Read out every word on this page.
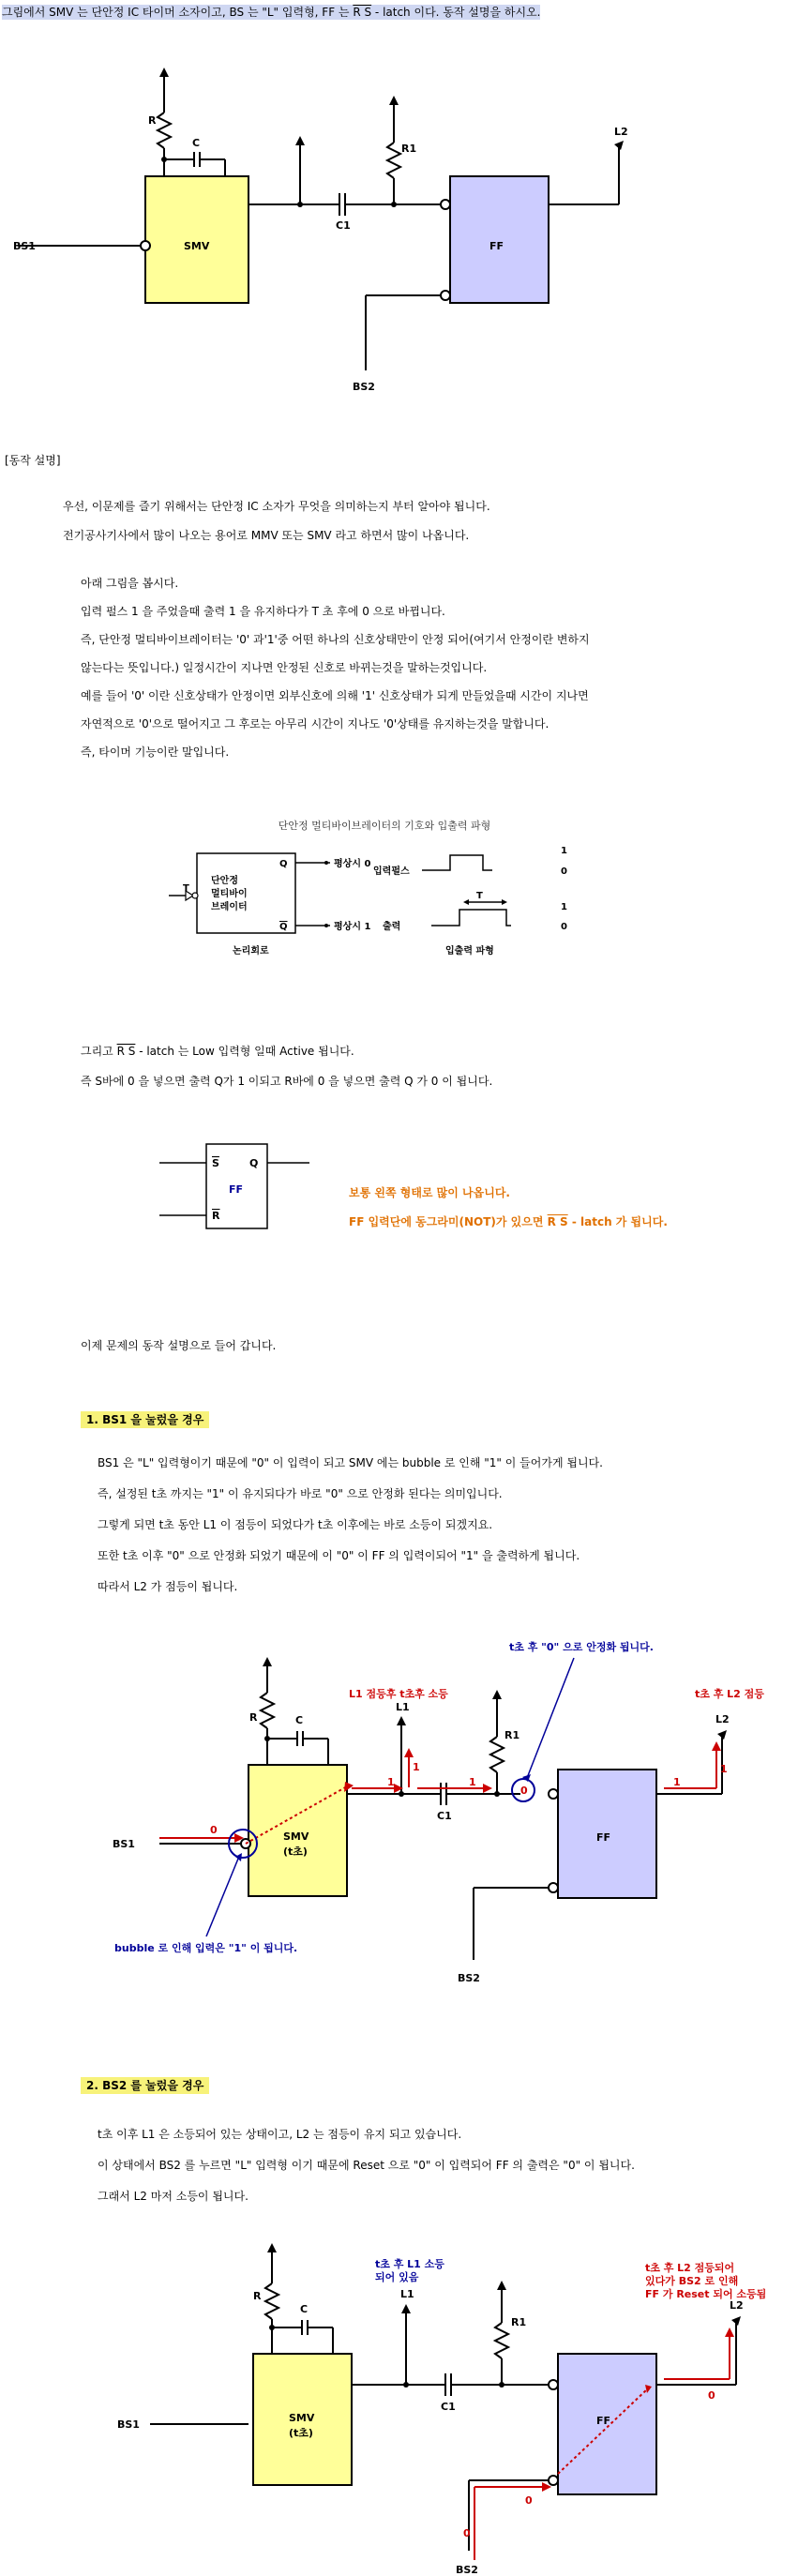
그림에서 SMV 는 단안정 IC 타이머 소자이고, BS 는 "L" 입력형, FF 는 R S - latch 이다. 동작 설명을 하시오.
R
C	R1
C1
L2
BS1	SMV	FF
BS2
[동작 설명]
우선, 이문제를 즐기 위해서는 단안정 IC 소자가 무엇을 의미하는지 부터 알아야 됩니다.
전기공사기사에서 많이 나오는 용어로 MMV 또는 SMV 라고 하면서 많이 나옵니다.
아래 그림을 봅시다.
입력 펄스 1 을 주었을때 출력 1 을 유지하다가 T 초 후에 0 으로 바뀝니다.
즉, 단안정 멀티바이브레이터는 '0' 과'1'중 어떤 하나의 신호상태만이 안정 되어(여기서 안정이란 변하지
않는다는 뜻입니다.) 일정시간이 지나면 안정된 신호로 바뀌는것을 말하는것입니다.
예를 들어 '0' 이란 신호상태가 안정이면 외부신호에 의해 '1' 신호상태가 되게 만들었을때 시간이 지나면
자연적으로 '0'으로 떨어지고 그 후로는 아무리 시간이 지나도 '0'상태를 유지하는것을 말합니다.
즉, 타이머 기능이란 말입니다.
단안정 멀티바이브레이터의 기호와 입출력 파형
T
Q
Q
단안정
멀티바이
브레이터
평상시 0
평상시 1
논리회로
입력펄스
출력
T
입출력 파형
1
0
1
0
그리고 R S - latch 는 Low 입력형 일때 Active 됩니다.
즉 S바에 0 을 넣으면 출력 Q가 1 이되고 R바에 0 을 넣으면 출력 Q 가 0 이 됩니다.
S	Q
R
FF	보통 왼쪽 형태로 많이 나옵니다.
FF 입력단에 동그라미(NOT)가 있으면 R S - latch 가 됩니다.
이제 문제의 동작 설명으로 들어 갑니다.
1. BS1 을 눌렀을 경우
BS1 은 "L" 입력형이기 때문에 "0" 이 입력이 되고 SMV 에는 bubble 로 인해 "1" 이 들어가게 됩니다.
즉, 설정된 t초 까지는 "1" 이 유지되다가 바로 "0" 으로 안정화 된다는 의미입니다.
그렇게 되면 t초 동안 L1 이 점등이 되었다가 t초 이후에는 바로 소등이 되겠지요.
또한 t초 이후 "0" 으로 안정화 되었기 때문에 이 "0" 이 FF 의 입력이되어 "1" 을 출력하게 됩니다.
따라서 L2 가 점등이 됩니다.
R	C
L1
R1
C1
L2
BS1
SMV
(t초)
FF
BS2
0
1
1
1
0
1
1
L1 점등후 t초후 소등	t초 후 L2 점등
t초 후 "0" 으로 안정화 됩니다.
bubble 로 인해 입력은 "1" 이 됩니다.
2. BS2 를 눌렀을 경우
t초 이후 L1 은 소등되어 있는 상태이고, L2 는 점등이 유지 되고 있습니다.
이 상태에서 BS2 를 누르면 "L" 입력형 이기 때문에 Reset 으로 "0" 이 입력되어 FF 의 출력은 "0" 이 됩니다.
그래서 L2 마저 소등이 됩니다.
R
C
L1
R1
C1
L2
BS1
SMV
(t초)
FF
BS2
0
0
0
t초 후 L2 점등되어
있다가 BS2 로 인해
FF 가 Reset 되어 소등됨
t초 후 L1 소등
되어 있음
